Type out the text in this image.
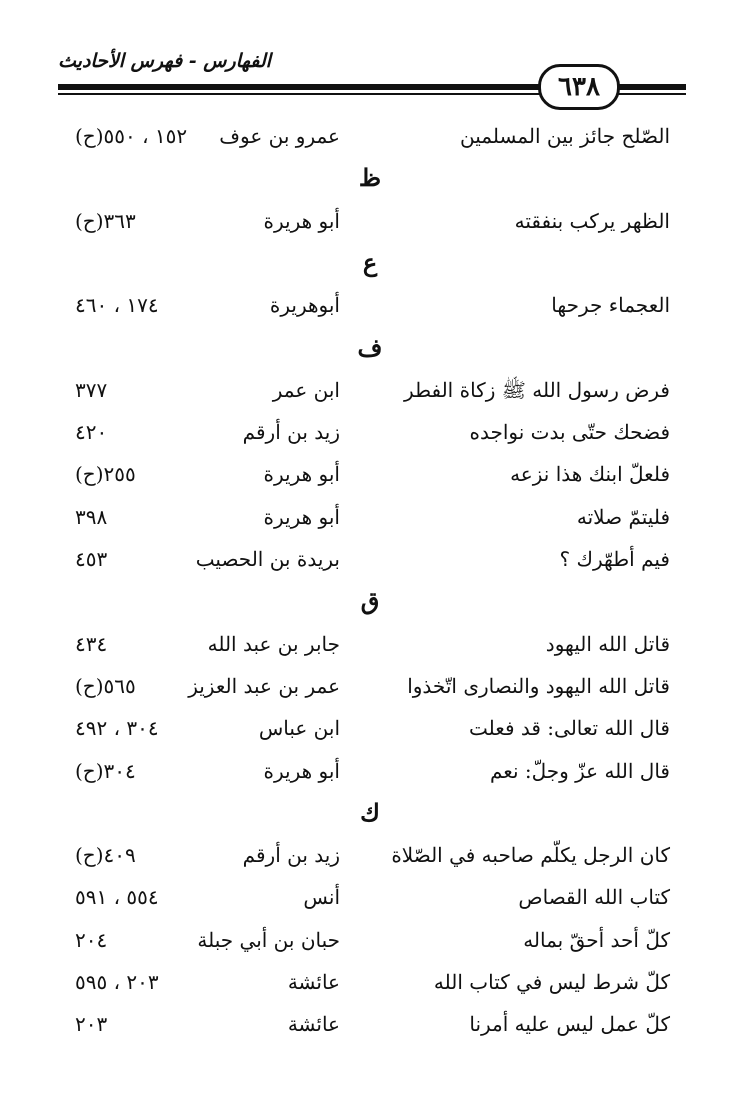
الفهارس - فهرس الأحاديث
٦٣٨
الصّلح جائز بين المسلمين
عمرو بن عوف
١٥٢ ، ٥٥٠(ح)
ظ
الظهر يركب بنفقته
أبو هريرة
٣٦٣(ح)
ع
العجماء جرحها
أبوهريرة
١٧٤ ، ٤٦٠
ف
فرض رسول الله ﷺ زكاة الفطر
ابن عمر
٣٧٧
فضحك حتّى بدت نواجده
زيد بن أرقم
٤٢٠
فلعلّ ابنك هذا نزعه
أبو هريرة
٢٥٥(ح)
فليتمّ صلاته
أبو هريرة
٣٩٨
فيم أطهّرك ؟
بريدة بن الحصيب
٤٥٣
ق
قاتل الله اليهود
جابر بن عبد الله
٤٣٤
قاتل الله اليهود والنصارى اتّخذوا
عمر بن عبد العزيز
٥٦٥(ح)
قال الله تعالى: قد فعلت
ابن عباس
٣٠٤ ، ٤٩٢
قال الله عزّ وجلّ: نعم
أبو هريرة
٣٠٤(ح)
ك
كان الرجل يكلّم صاحبه في الصّلاة
زيد بن أرقم
٤٠٩(ح)
كتاب الله القصاص
أنس
٥٥٤ ، ٥٩١
كلّ أحد أحقّ بماله
حبان بن أبي جبلة
٢٠٤
كلّ شرط ليس في كتاب الله
عائشة
٢٠٣ ، ٥٩٥
كلّ عمل ليس عليه أمرنا
عائشة
٢٠٣
